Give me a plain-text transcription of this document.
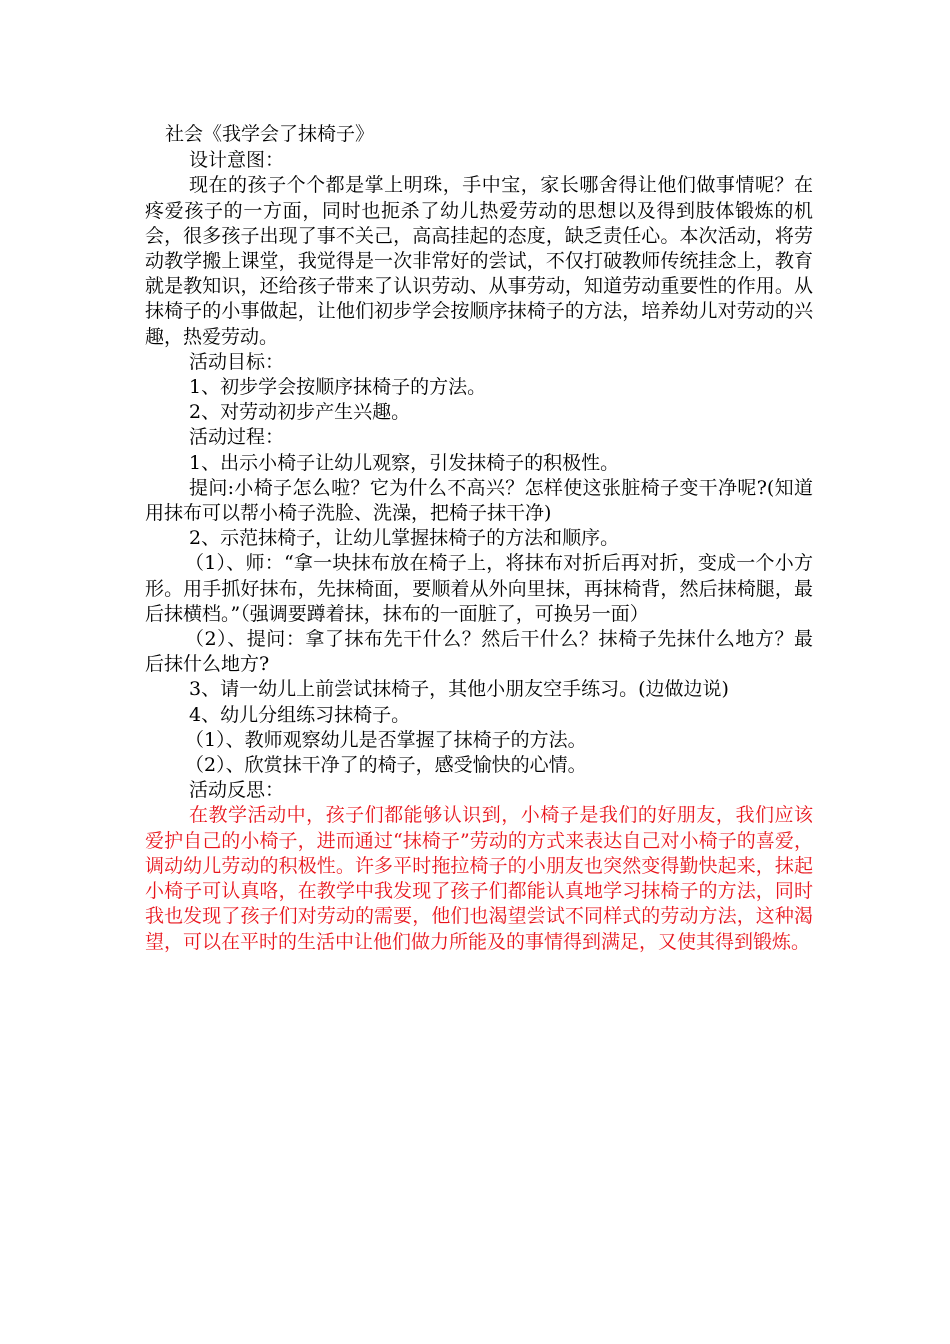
社会《我学会了抹椅子》

设计意图：

现在的孩子个个都是掌上明珠，手中宝，家长哪舍得让他们做事情呢？在疼爱孩子的一方面，同时也扼杀了幼儿热爱劳动的思想以及得到肢体锻炼的机会，很多孩子出现了事不关己，高高挂起的态度，缺乏责任心。本次活动，将劳动教学搬上课堂，我觉得是一次非常好的尝试，不仅打破教师传统挂念上，教育就是教知识，还给孩子带来了认识劳动、从事劳动，知道劳动重要性的作用。从抹椅子的小事做起，让他们初步学会按顺序抹椅子的方法，培养幼儿对劳动的兴趣，热爱劳动。

活动目标：

1、初步学会按顺序抹椅子的方法。

2、对劳动初步产生兴趣。

活动过程：

1、出示小椅子让幼儿观察，引发抹椅子的积极性。

提问:小椅子怎么啦？它为什么不高兴？怎样使这张脏椅子变干净呢?(知道用抹布可以帮小椅子洗脸、洗澡，把椅子抹干净)

2、示范抹椅子，让幼儿掌握抹椅子的方法和顺序。

（1）、师：“拿一块抹布放在椅子上，将抹布对折后再对折，变成一个小方形。用手抓好抹布，先抹椅面，要顺着从外向里抹，再抹椅背，然后抹椅腿，最后抹横档。”（强调要蹲着抹，抹布的一面脏了，可换另一面）

（2）、提问：拿了抹布先干什么？然后干什么？抹椅子先抹什么地方？最后抹什么地方?

3、请一幼儿上前尝试抹椅子，其他小朋友空手练习。(边做边说)

4、幼儿分组练习抹椅子。

（1）、教师观察幼儿是否掌握了抹椅子的方法。

（2）、欣赏抹干净了的椅子，感受愉快的心情。

活动反思：

在教学活动中，孩子们都能够认识到，小椅子是我们的好朋友，我们应该爱护自己的小椅子，进而通过“抹椅子”劳动的方式来表达自己对小椅子的喜爱，调动幼儿劳动的积极性。许多平时拖拉椅子的小朋友也突然变得勤快起来，抹起小椅子可认真咯，在教学中我发现了孩子们都能认真地学习抹椅子的方法，同时我也发现了孩子们对劳动的需要，他们也渴望尝试不同样式的劳动方法，这种渴望，可以在平时的生活中让他们做力所能及的事情得到满足，又使其得到锻炼。
